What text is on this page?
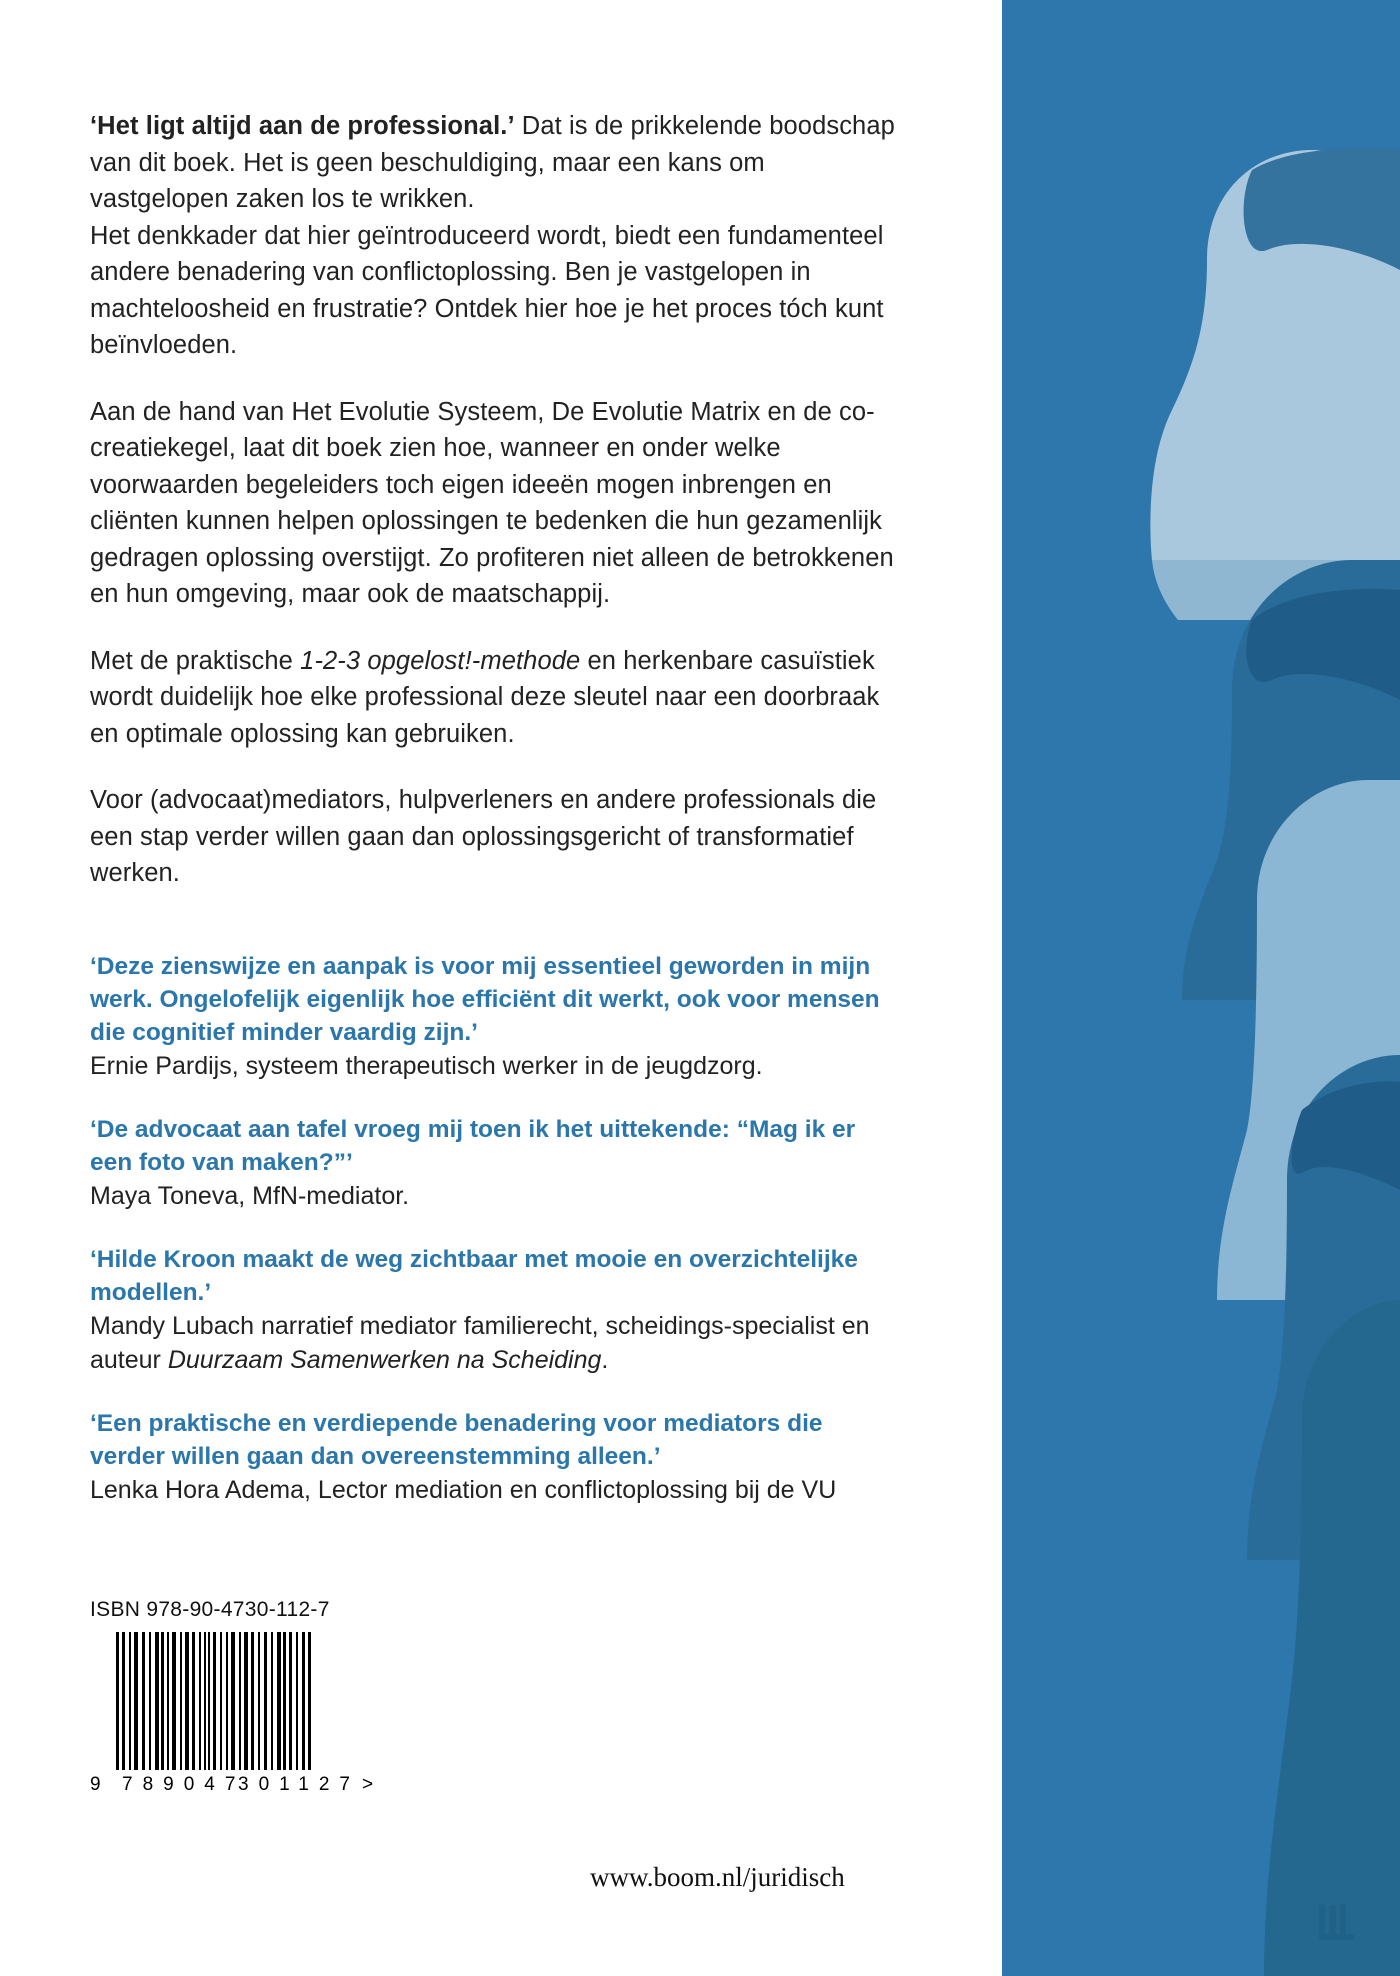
‘Het ligt altijd aan de professional.’ Dat is de prikkelende boodschap van dit boek. Het is geen beschuldiging, maar een kans om vastgelopen zaken los te wrikken.
Het denkkader dat hier geïntroduceerd wordt, biedt een fundamenteel andere benadering van conflictoplossing. Ben je vastgelopen in machteloosheid en frustratie? Ontdek hier hoe je het proces tóch kunt beïnvloeden.

Aan de hand van Het Evolutie Systeem, De Evolutie Matrix en de co-creatiekegel, laat dit boek zien hoe, wanneer en onder welke voorwaarden begeleiders toch eigen ideeën mogen inbrengen en cliënten kunnen helpen oplossingen te bedenken die hun gezamenlijk gedragen oplossing overstijgt. Zo profiteren niet alleen de betrokkenen en hun omgeving, maar ook de maatschappij.

Met de praktische 1-2-3 opgelost!-methode en herkenbare casuïstiek wordt duidelijk hoe elke professional deze sleutel naar een doorbraak en optimale oplossing kan gebruiken.

Voor (advocaat)mediators, hulpverleners en andere professionals die een stap verder willen gaan dan oplossingsgericht of transformatief werken.

‘Deze zienswijze en aanpak is voor mij essentieel geworden in mijn werk. Ongelofelijk eigenlijk hoe efficiënt dit werkt, ook voor mensen die cognitief minder vaardig zijn.’

Ernie Pardijs, systeem therapeutisch werker in de jeugdzorg.

‘De advocaat aan tafel vroeg mij toen ik het uittekende: “Mag ik er een foto van maken?”’

Maya Toneva, MfN-mediator.

‘Hilde Kroon maakt de weg zichtbaar met mooie en overzichtelijke modellen.’

Mandy Lubach narratief mediator familierecht, scheidings-specialist en auteur Duurzaam Samenwerken na Scheiding.

‘Een praktische en verdiepende benadering voor mediators die verder willen gaan dan overeenstemming alleen.’

Lenka Hora Adema, Lector mediation en conflictoplossing bij de VU

ISBN 978-90-4730-112-7
9 789047
301127 >
www.boom.nl/juridisch
